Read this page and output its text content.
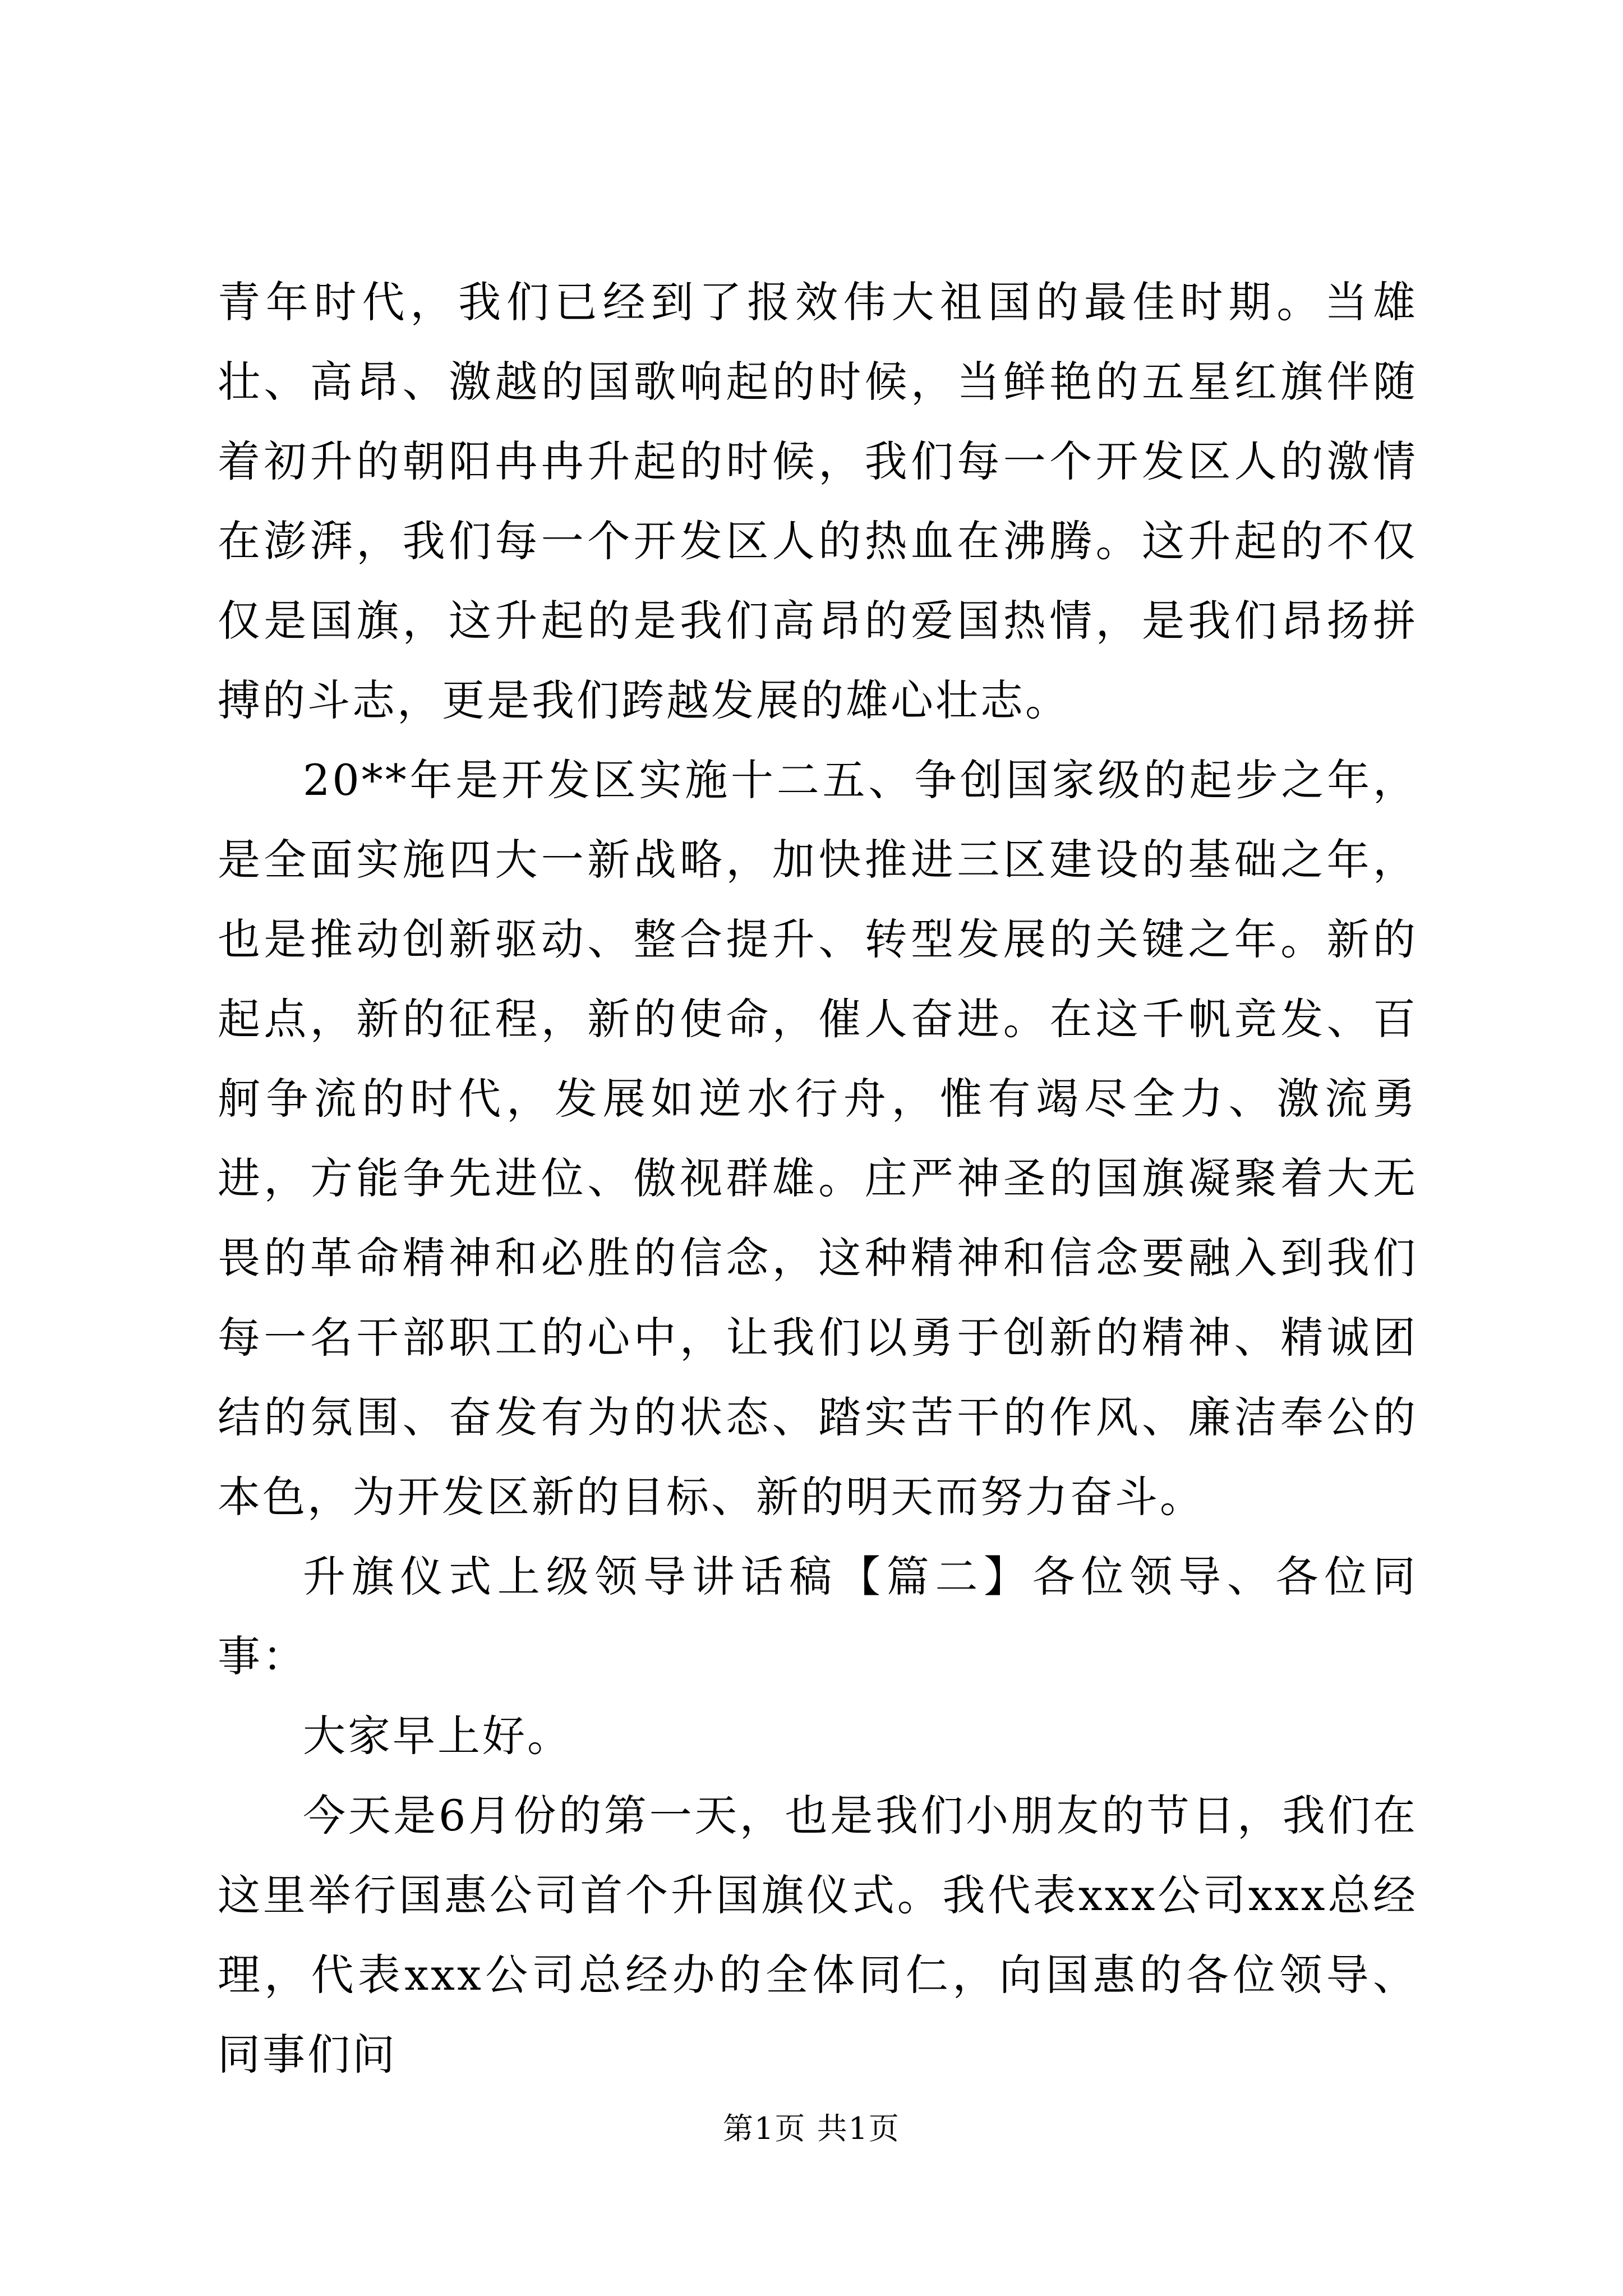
青年时代，我们已经到了报效伟大祖国的最佳时期。当雄壮、高昂、激越的国歌响起的时候，当鲜艳的五星红旗伴随着初升的朝阳冉冉升起的时候，我们每一个开发区人的激情在澎湃，我们每一个开发区人的热血在沸腾。这升起的不仅仅是国旗，这升起的是我们高昂的爱国热情，是我们昂扬拼搏的斗志，更是我们跨越发展的雄心壮志。

20**年是开发区实施十二五、争创国家级的起步之年，是全面实施四大一新战略，加快推进三区建设的基础之年，也是推动创新驱动、整合提升、转型发展的关键之年。新的起点，新的征程，新的使命，催人奋进。在这千帆竞发、百舸争流的时代，发展如逆水行舟，惟有竭尽全力、激流勇进，方能争先进位、傲视群雄。庄严神圣的国旗凝聚着大无畏的革命精神和必胜的信念，这种精神和信念要融入到我们每一名干部职工的心中，让我们以勇于创新的精神、精诚团结的氛围、奋发有为的状态、踏实苦干的作风、廉洁奉公的本色，为开发区新的目标、新的明天而努力奋斗。

升旗仪式上级领导讲话稿【篇二】各位领导、各位同事：

大家早上好。

今天是6月份的第一天，也是我们小朋友的节日，我们在这里举行国惠公司首个升国旗仪式。我代表xxx公司xxx总经理，代表xxx公司总经办的全体同仁，向国惠的各位领导、同事们问

第1页 共1页
